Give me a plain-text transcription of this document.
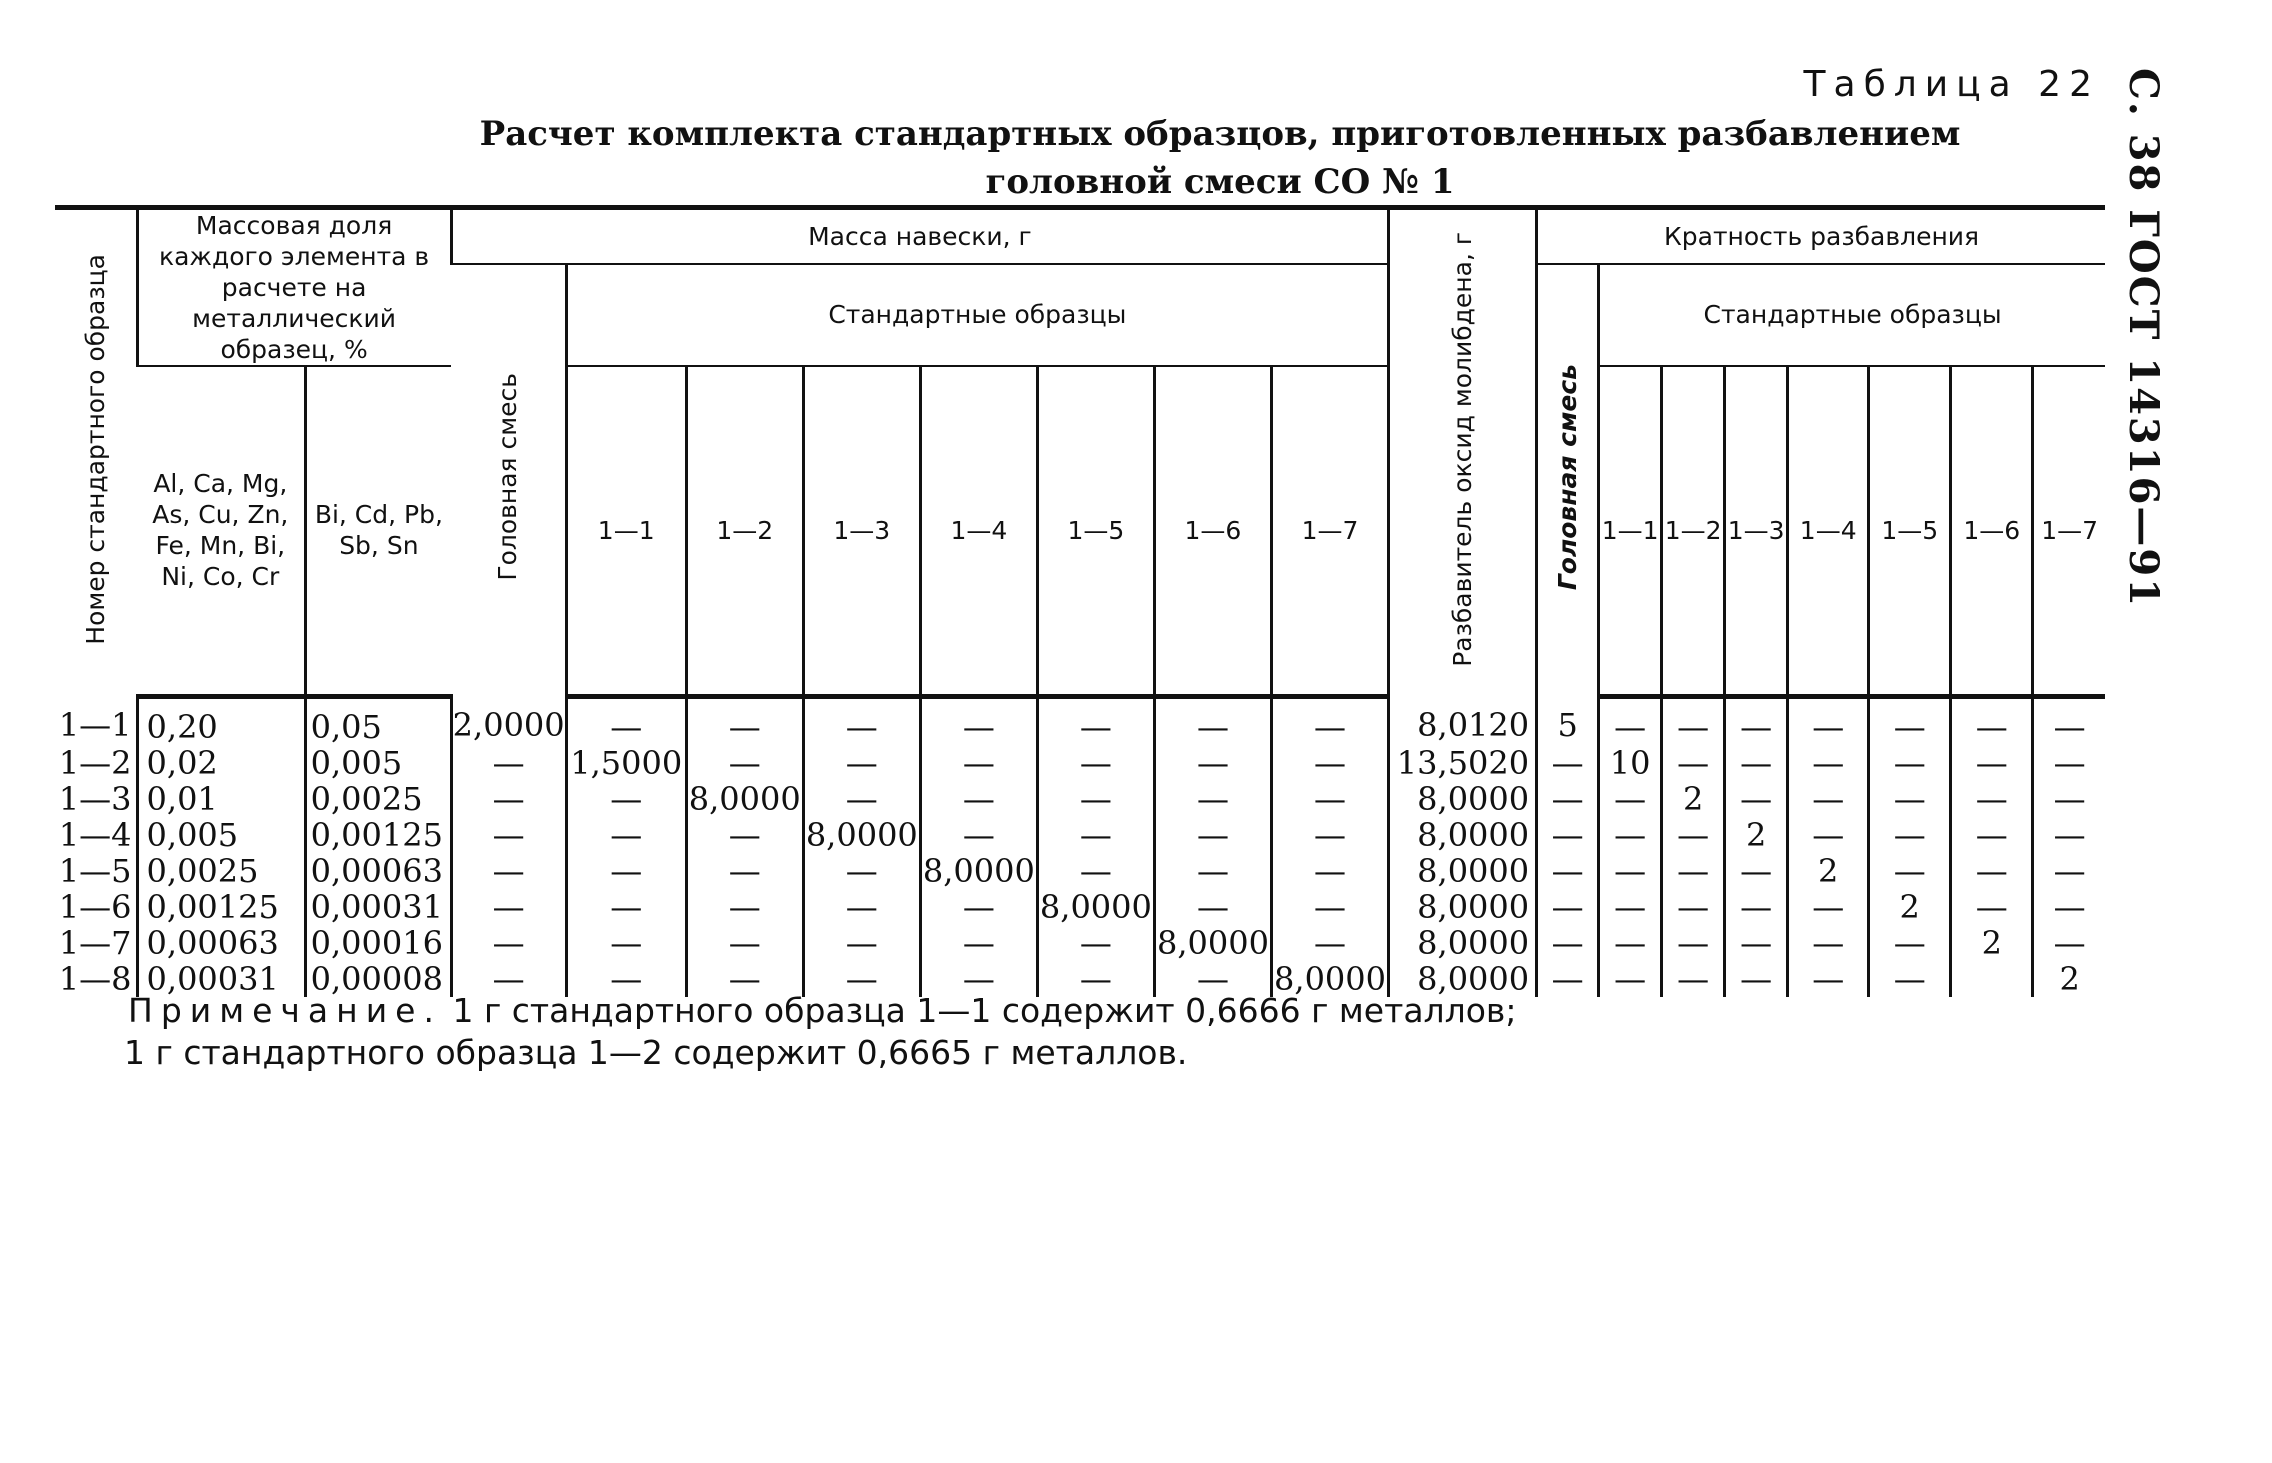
С. 38 ГОСТ 14316—91
Таблица 22
Расчет комплекта стандартных образцов, приготовленных разбавлением
головной смеси СО № 1
Номер стандартного образца	Массовая доля каждого элемента в расчете на металлический образец, %		Масса навески, г								Разбавитель оксид молибдена, г	Кратность разбавления							
			Головная смесь	Стандартные образцы								Головная смесь	Стандартные образцы						
	Al, Ca, Mg, As, Cu, Zn, Fe, Mn, Bi, Ni, Co, Cr	Bi, Cd, Pb, Sb, Sn		1—1	1—2	1—3	1—4	1—5	1—6	1—7			1—1	1—2	1—3	1—4	1—5	1—6	1—7
1—1	0,20	0,05	2,0000	—	—	—	—	—	—	—	8,0120	5	—	—	—	—	—	—	—
1—2	0,02	0,005	—	1,5000	—	—	—	—	—	—	13,5020	—	10	—	—	—	—	—	—
1—3	0,01	0,0025	—	—	8,0000	—	—	—	—	—	8,0000	—	—	2	—	—	—	—	—
1—4	0,005	0,00125	—	—	—	8,0000	—	—	—	—	8,0000	—	—	—	2	—	—	—	—
1—5	0,0025	0,00063	—	—	—	—	8,0000	—	—	—	8,0000	—	—	—	—	2	—	—	—
1—6	0,00125	0,00031	—	—	—	—	—	8,0000	—	—	8,0000	—	—	—	—	—	2	—	—
1—7	0,00063	0,00016	—	—	—	—	—	—	8,0000	—	8,0000	—	—	—	—	—	—	2	—
1—8	0,00031	0,00008	—	—	—	—	—	—	—	8,0000	8,0000	—	—	—	—	—	—		2
Примечание. 1 г стандартного образца 1—1 содержит 0,6666 г металлов;
1 г стандартного образца 1—2 содержит 0,6665 г металлов.
